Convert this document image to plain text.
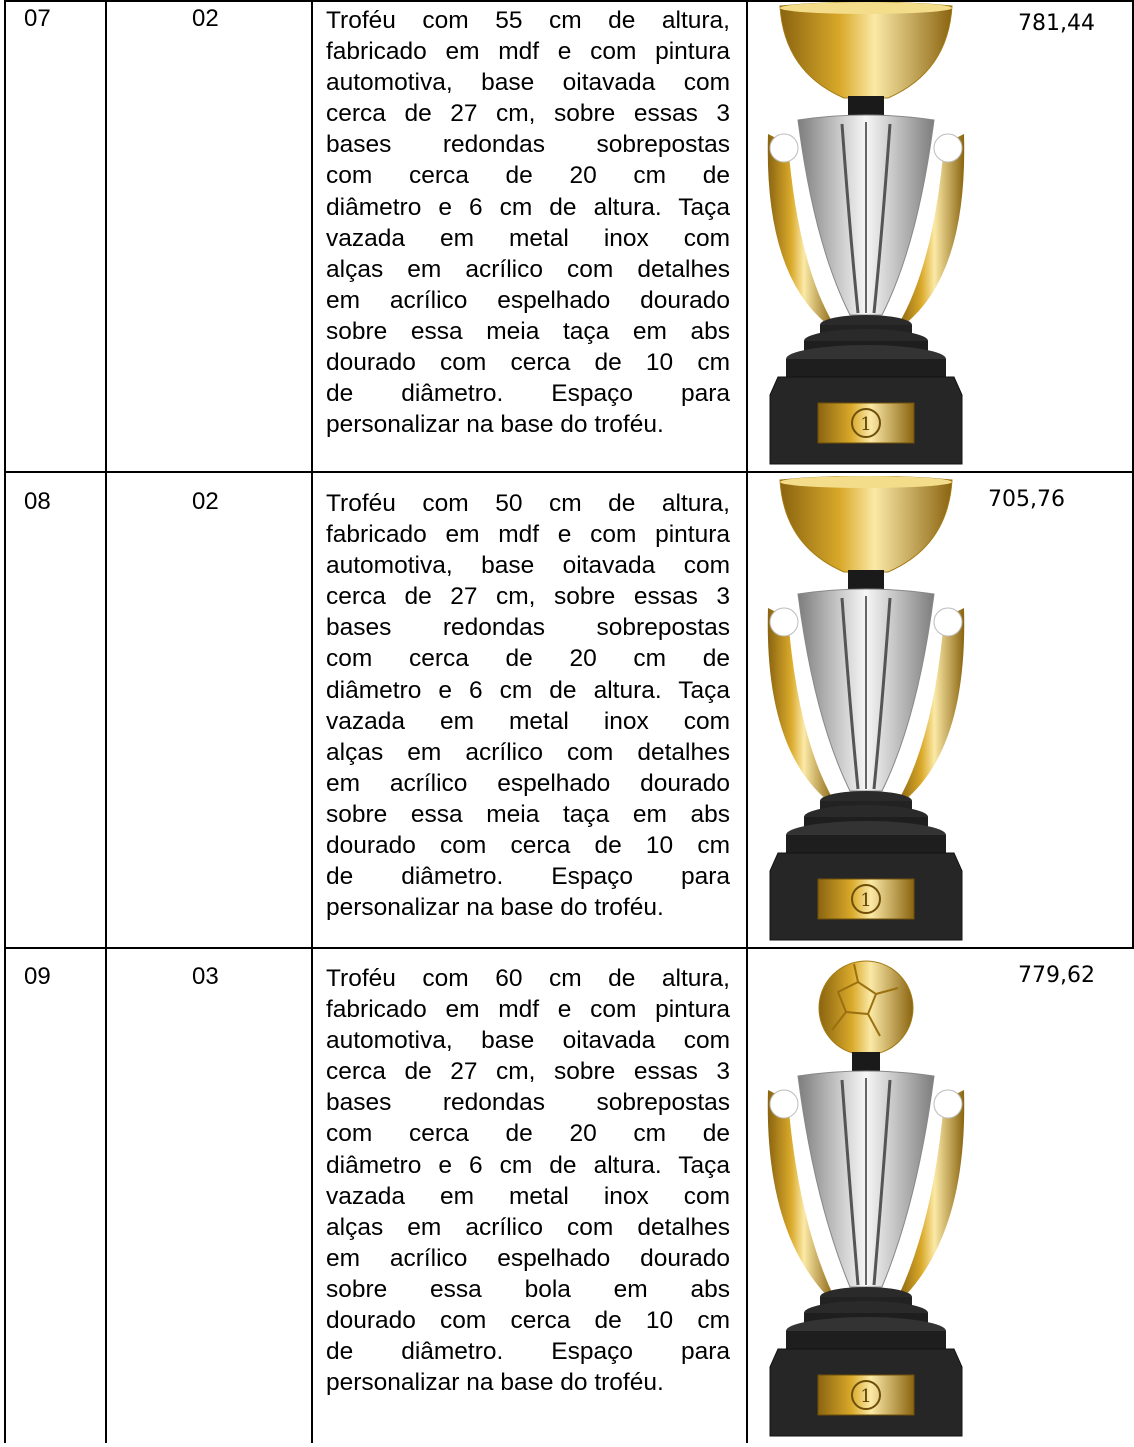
07	02	Troféu com 55 cm de altura,
fabricado em mdf e com pintura
automotiva, base oitavada com
cerca de 27 cm, sobre essas 3
bases redondas sobrepostas
com cerca de 20 cm de
diâmetro e 6 cm de altura. Taça
vazada em metal inox com
alças em acrílico com detalhes
em acrílico espelhado dourado
sobre essa meia taça em abs
dourado com cerca de 10 cm
de diâmetro. Espaço para
personalizar na base do troféu.	1
781,44
08	02	Troféu com 50 cm de altura,
fabricado em mdf e com pintura
automotiva, base oitavada com
cerca de 27 cm, sobre essas 3
bases redondas sobrepostas
com cerca de 20 cm de
diâmetro e 6 cm de altura. Taça
vazada em metal inox com
alças em acrílico com detalhes
em acrílico espelhado dourado
sobre essa meia taça em abs
dourado com cerca de 10 cm
de diâmetro. Espaço para
personalizar na base do troféu.	1
705,76
09	03	Troféu com 60 cm de altura,
fabricado em mdf e com pintura
automotiva, base oitavada com
cerca de 27 cm, sobre essas 3
bases redondas sobrepostas
com cerca de 20 cm de
diâmetro e 6 cm de altura. Taça
vazada em metal inox com
alças em acrílico com detalhes
em acrílico espelhado dourado
sobre essa bola em abs
dourado com cerca de 10 cm
de diâmetro. Espaço para
personalizar na base do troféu.
1
779,62
